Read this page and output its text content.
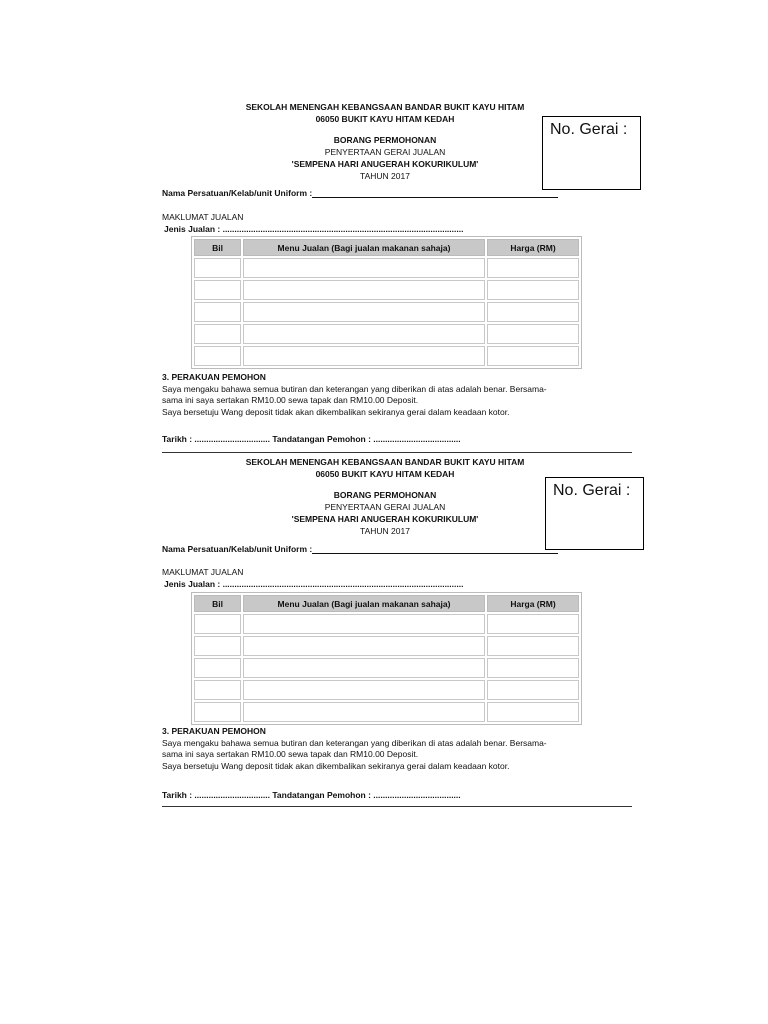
SEKOLAH MENENGAH KEBANGSAAN BANDAR BUKIT KAYU HITAM
06050 BUKIT KAYU HITAM KEDAH
BORANG PERMOHONAN
PENYERTAAN GERAI JUALAN
'SEMPENA HARI ANUGERAH KOKURIKULUM'
TAHUN 2017
No. Gerai :
Nama Persatuan/Kelab/unit Uniform :
MAKLUMAT JUALAN
Jenis Jualan : ......................................................................................................
Bil	Menu Jualan (Bagi jualan makanan sahaja)	Harga (RM)

3. PERAKUAN PEMOHON
Saya mengaku bahawa semua butiran dan keterangan yang diberikan di atas adalah benar. Bersama-
sama ini saya sertakan RM10.00 sewa tapak dan RM10.00 Deposit.
Saya bersetuju Wang deposit tidak akan dikembalikan sekiranya gerai dalam keadaan kotor.
Tarikh : ................................ Tandatangan Pemohon : .....................................
SEKOLAH MENENGAH KEBANGSAAN BANDAR BUKIT KAYU HITAM
06050 BUKIT KAYU HITAM KEDAH
BORANG PERMOHONAN
PENYERTAAN GERAI JUALAN
'SEMPENA HARI ANUGERAH KOKURIKULUM'
TAHUN 2017
No. Gerai :
Nama Persatuan/Kelab/unit Uniform :
MAKLUMAT JUALAN
Jenis Jualan : ......................................................................................................
Bil	Menu Jualan (Bagi jualan makanan sahaja)	Harga (RM)

3. PERAKUAN PEMOHON
Saya mengaku bahawa semua butiran dan keterangan yang diberikan di atas adalah benar. Bersama-
sama ini saya sertakan RM10.00 sewa tapak dan RM10.00 Deposit.
Saya bersetuju Wang deposit tidak akan dikembalikan sekiranya gerai dalam keadaan kotor.
Tarikh : ................................ Tandatangan Pemohon : .....................................
